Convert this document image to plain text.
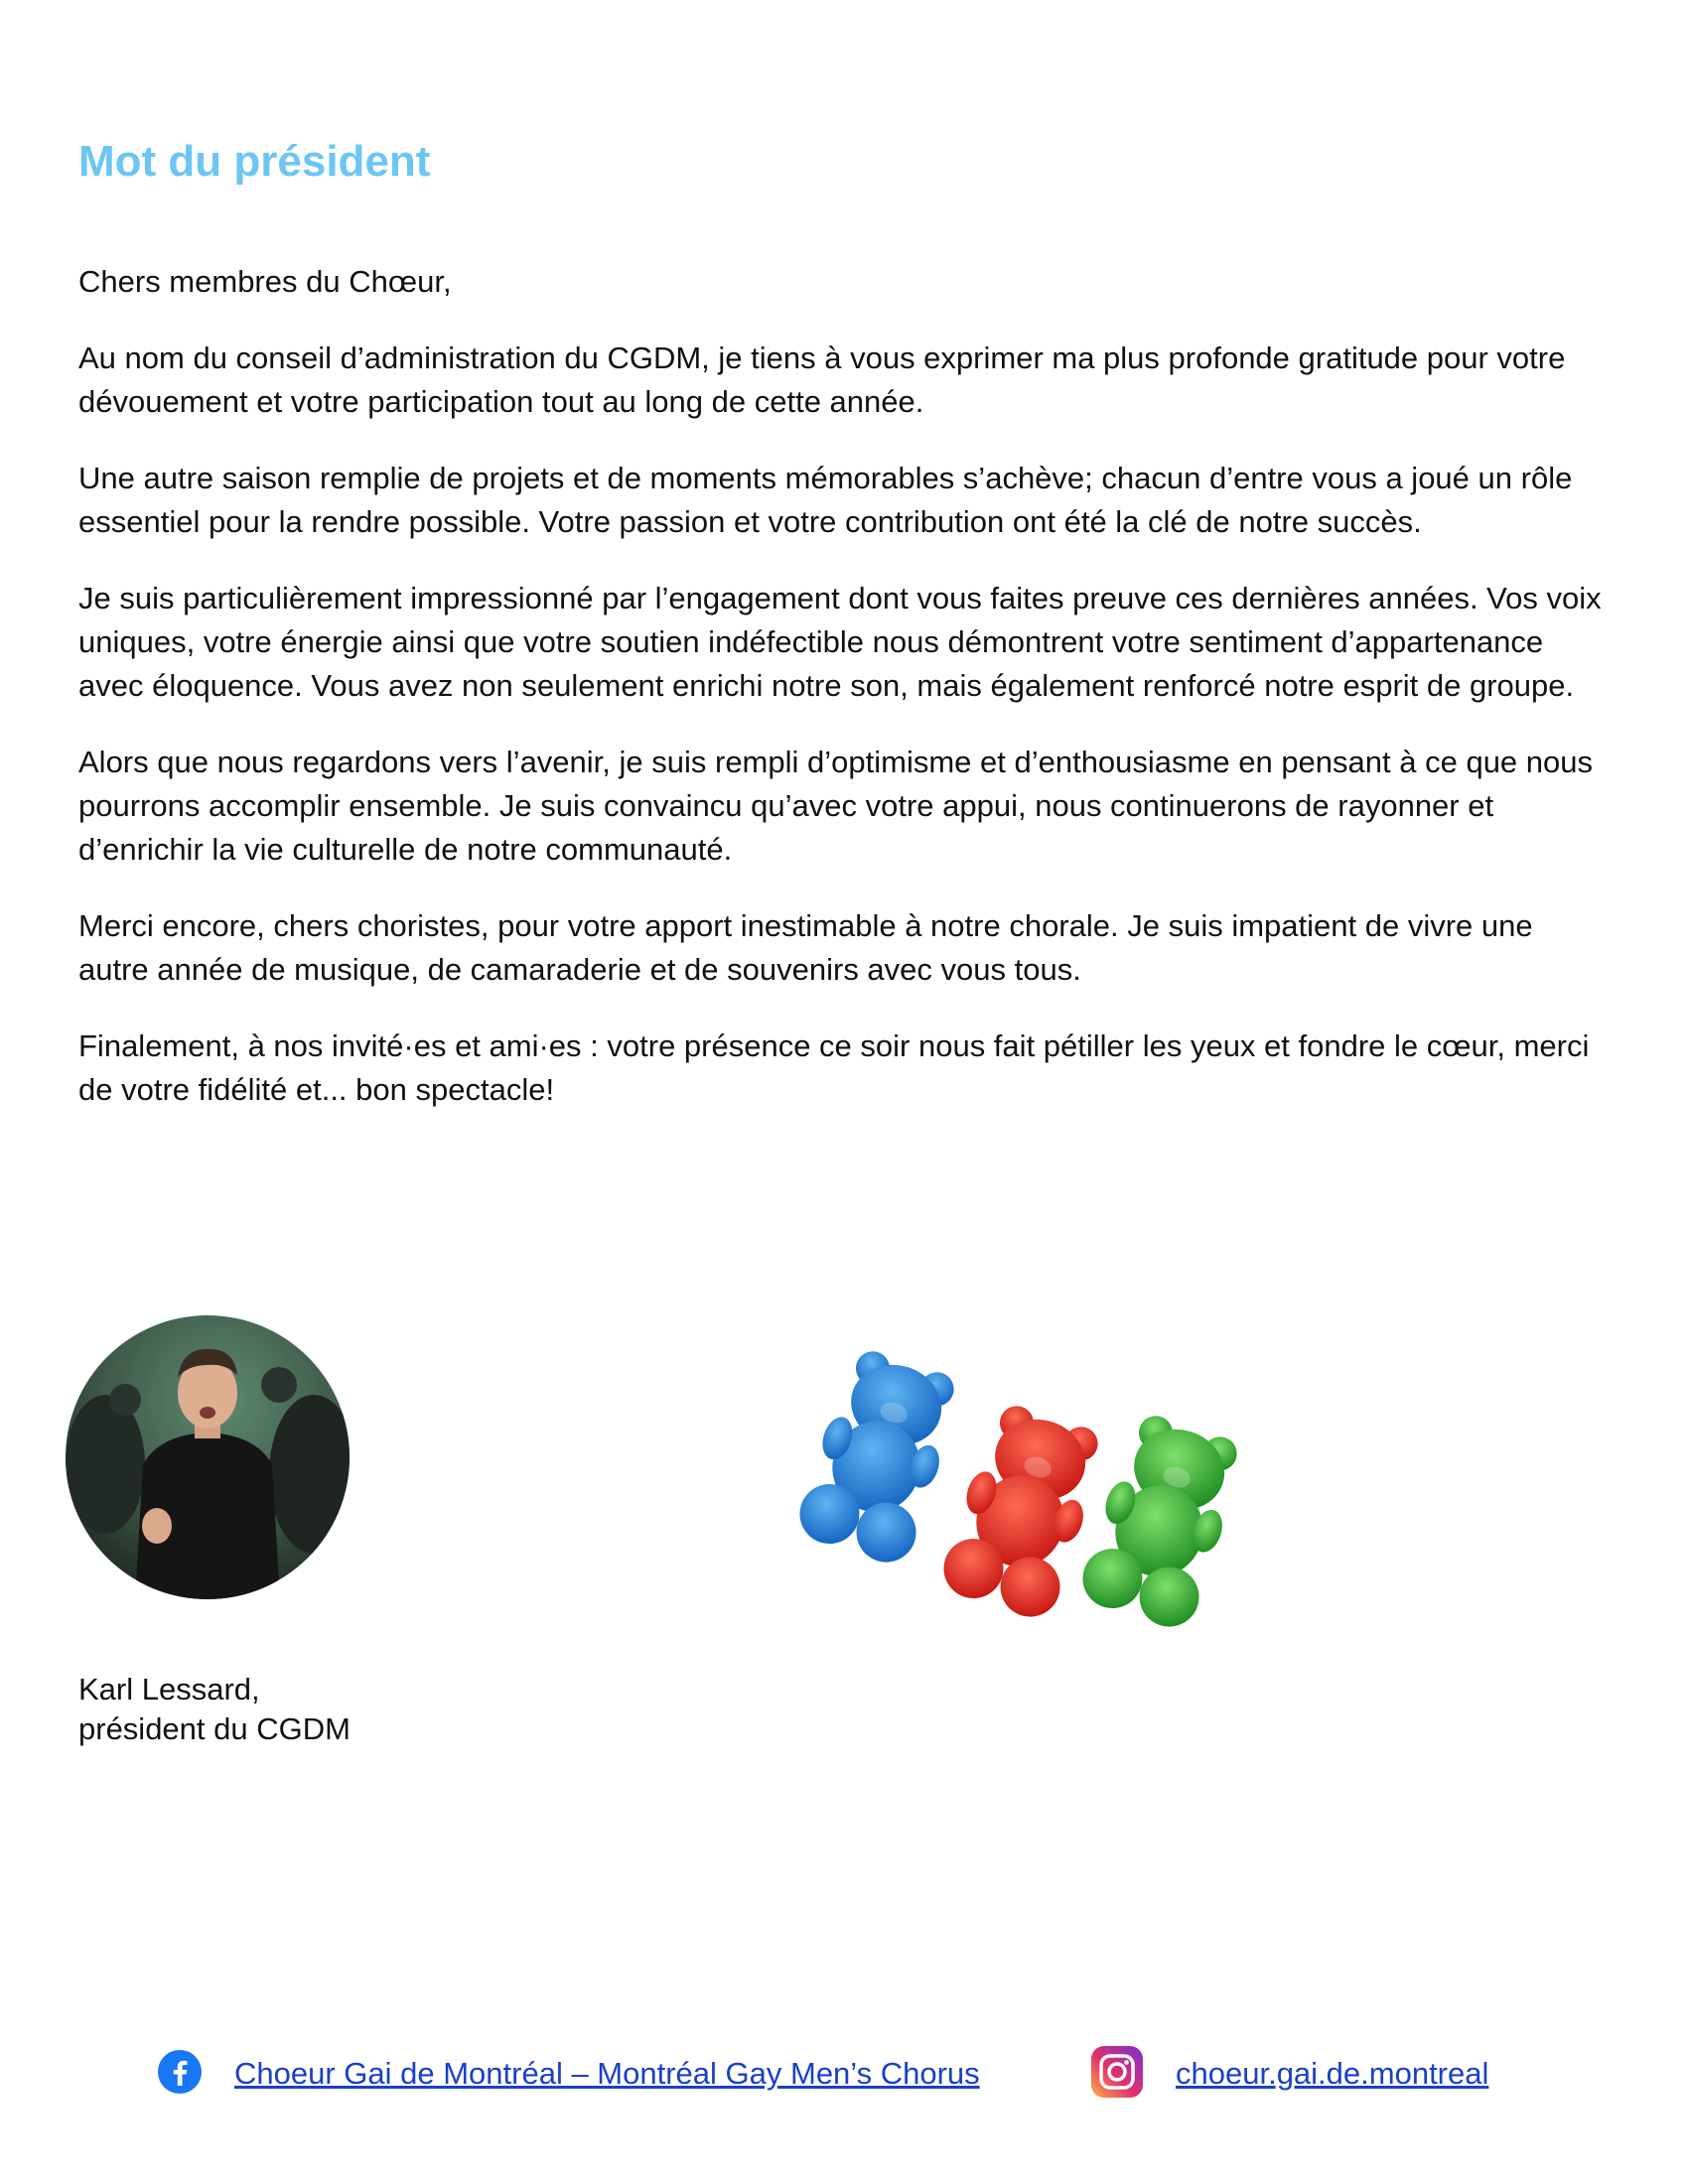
Mot du président

Chers membres du Chœur,

Au nom du conseil d’administration du CGDM, je tiens à vous exprimer ma plus profonde gratitude pour votre dévouement et votre participation tout au long de cette année.

Une autre saison remplie de projets et de moments mémorables s’achève; chacun d’entre vous a joué un rôle essentiel pour la rendre possible. Votre passion et votre contribution ont été la clé de notre succès.

Je suis particulièrement impressionné par l’engagement dont vous faites preuve ces dernières années. Vos voix uniques, votre énergie ainsi que votre soutien indéfectible nous démontrent votre sentiment d’appartenance avec éloquence. Vous avez non seulement enrichi notre son, mais également renforcé notre esprit de groupe.

Alors que nous regardons vers l’avenir, je suis rempli d’optimisme et d’enthousiasme en pensant à ce que nous pourrons accomplir ensemble. Je suis convaincu qu’avec votre appui, nous continuerons de rayonner et d’enrichir la vie culturelle de notre communauté.

Merci encore, chers choristes, pour votre apport inestimable à notre chorale. Je suis impatient de vivre une autre année de musique, de camaraderie et de souvenirs avec vous tous.

Finalement, à nos invité·es et ami·es : votre présence ce soir nous fait pétiller les yeux et fondre le cœur, merci de votre fidélité et... bon spectacle!

Karl Lessard,
président du CGDM
Choeur Gai de Montréal – Montréal Gay Men’s Chorus	choeur.gai.de.montreal
